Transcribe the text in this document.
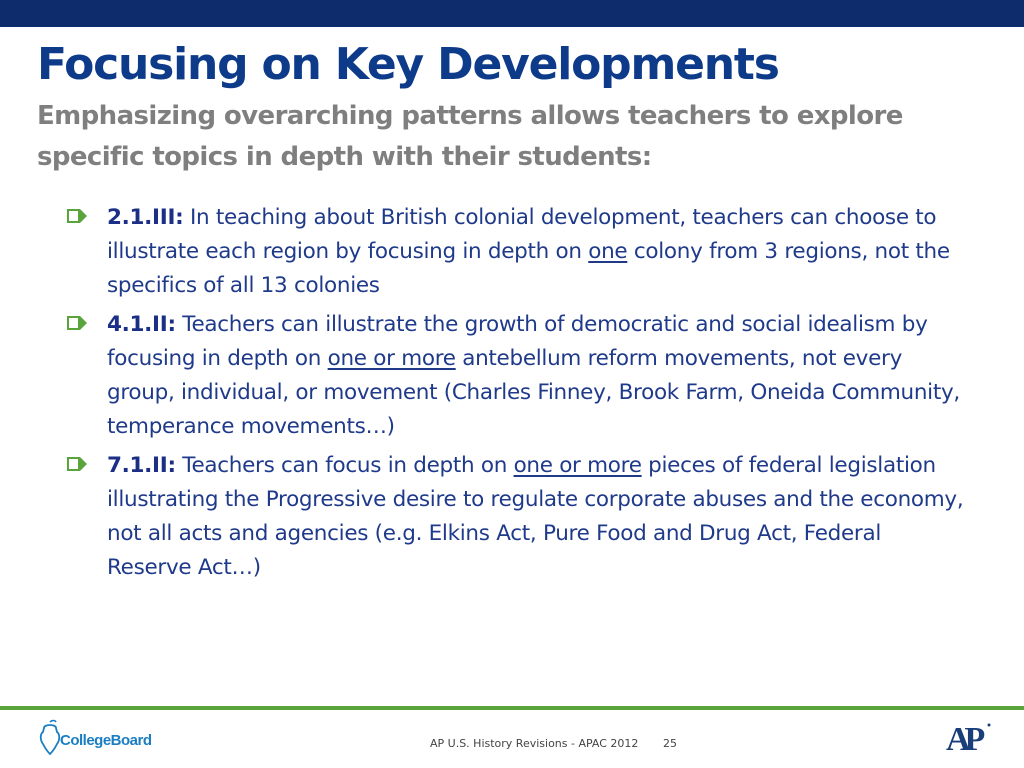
Focusing on Key Developments

Emphasizing overarching patterns allows teachers to explore specific topics in depth with their students:

2.1.III: In teaching about British colonial development, teachers can choose to illustrate each region by focusing in depth on one colony from 3 regions, not the specifics of all 13 colonies
4.1.II: Teachers can illustrate the growth of democratic and social idealism by focusing in depth on one or more antebellum reform movements, not every group, individual, or movement (Charles Finney, Brook Farm, Oneida Community, temperance movements…)
7.1.II: Teachers can focus in depth on one or more pieces of federal legislation illustrating the Progressive desire to regulate corporate abuses and the economy, not all acts and agencies (e.g. Elkins Act, Pure Food and Drug Act, Federal Reserve Act…)
CollegeBoard	AP U.S. History Revisions - APAC 2012 25	AP
